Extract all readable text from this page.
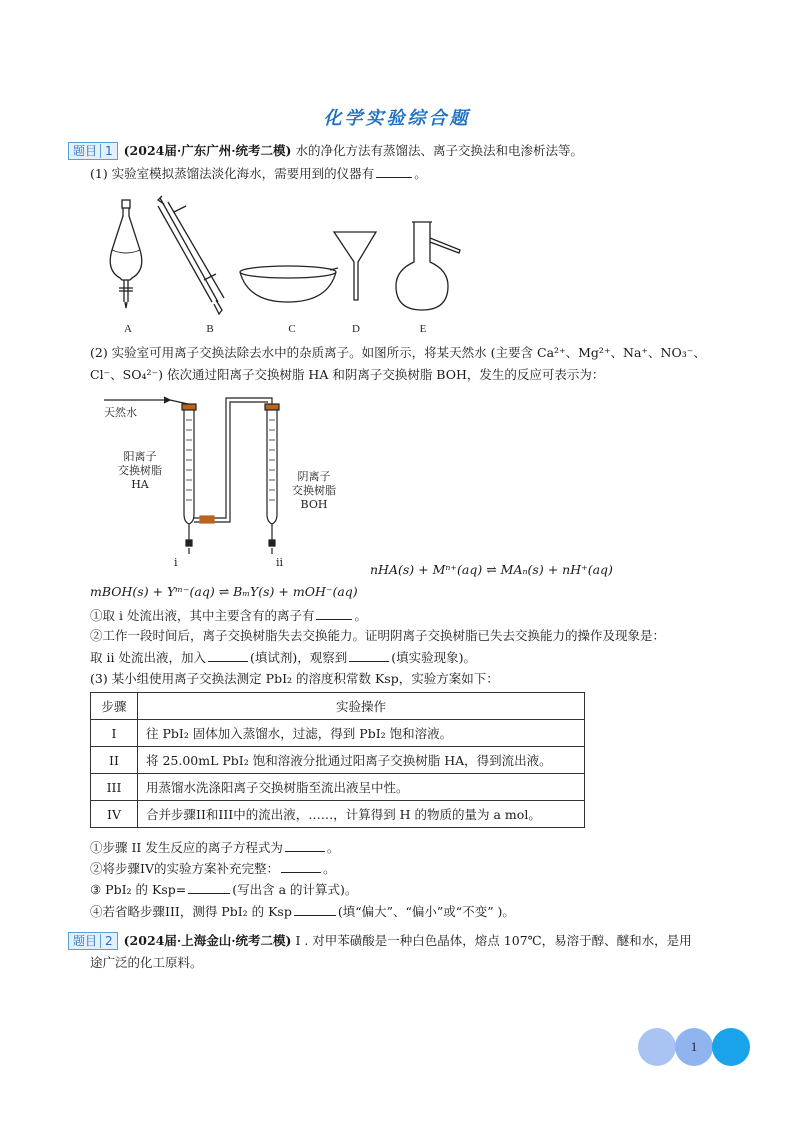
化学实验综合题
题目 1 (2024届·广东广州·统考二模) 水的净化方法有蒸馏法、离子交换法和电渗析法等。
(1) 实验室模拟蒸馏法淡化海水，需要用到的仪器有	。
A	B	C	D	E
(2) 实验室可用离子交换法除去水中的杂质离子。如图所示，将某天然水 (主要含 Ca²⁺、Mg²⁺、Na⁺、NO₃⁻、
Cl⁻、SO₄²⁻) 依次通过阳离子交换树脂 HA 和阴离子交换树脂 BOH，发生的反应可表示为：
天然水
阳离子
交换树脂
HA
阴离子
交换树脂
BOH
i	ii	nHA(s) + Mⁿ⁺(aq) ⇌ MAₙ(s) + nH⁺(aq)
mBOH(s) + Yᵐ⁻(aq) ⇌ BₘY(s) + mOH⁻(aq)
①取 i 处流出液，其中主要含有的离子有	。
②工作一段时间后，离子交换树脂失去交换能力。证明阴离子交换树脂已失去交换能力的操作及现象是：
取 ii 处流出液，加入	(填试剂)，观察到	(填实验现象)。
(3) 某小组使用离子交换法测定 PbI₂ 的溶度积常数 Ksp，实验方案如下：
步骤	实验操作
I	往 PbI₂ 固体加入蒸馏水，过滤，得到 PbI₂ 饱和溶液。
II	将 25.00mL PbI₂ 饱和溶液分批通过阳离子交换树脂 HA，得到流出液。
III	用蒸馏水洗涤阳离子交换树脂至流出液呈中性。
IV	合并步骤II和III中的流出液，……，计算得到 H 的物质的量为 a mol。
①步骤 II 发生反应的离子方程式为	。
②将步骤IV的实验方案补充完整：	。
③ PbI₂ 的 Ksp=	(写出含 a 的计算式)。
④若省略步骤III，测得 PbI₂ 的 Ksp	(填“偏大”、“偏小”或“不变” )。
题目 2 (2024届·上海金山·统考二模) I . 对甲苯磺酸是一种白色晶体，熔点 107℃，易溶于醇、醚和水，是用
途广泛的化工原料。
1
